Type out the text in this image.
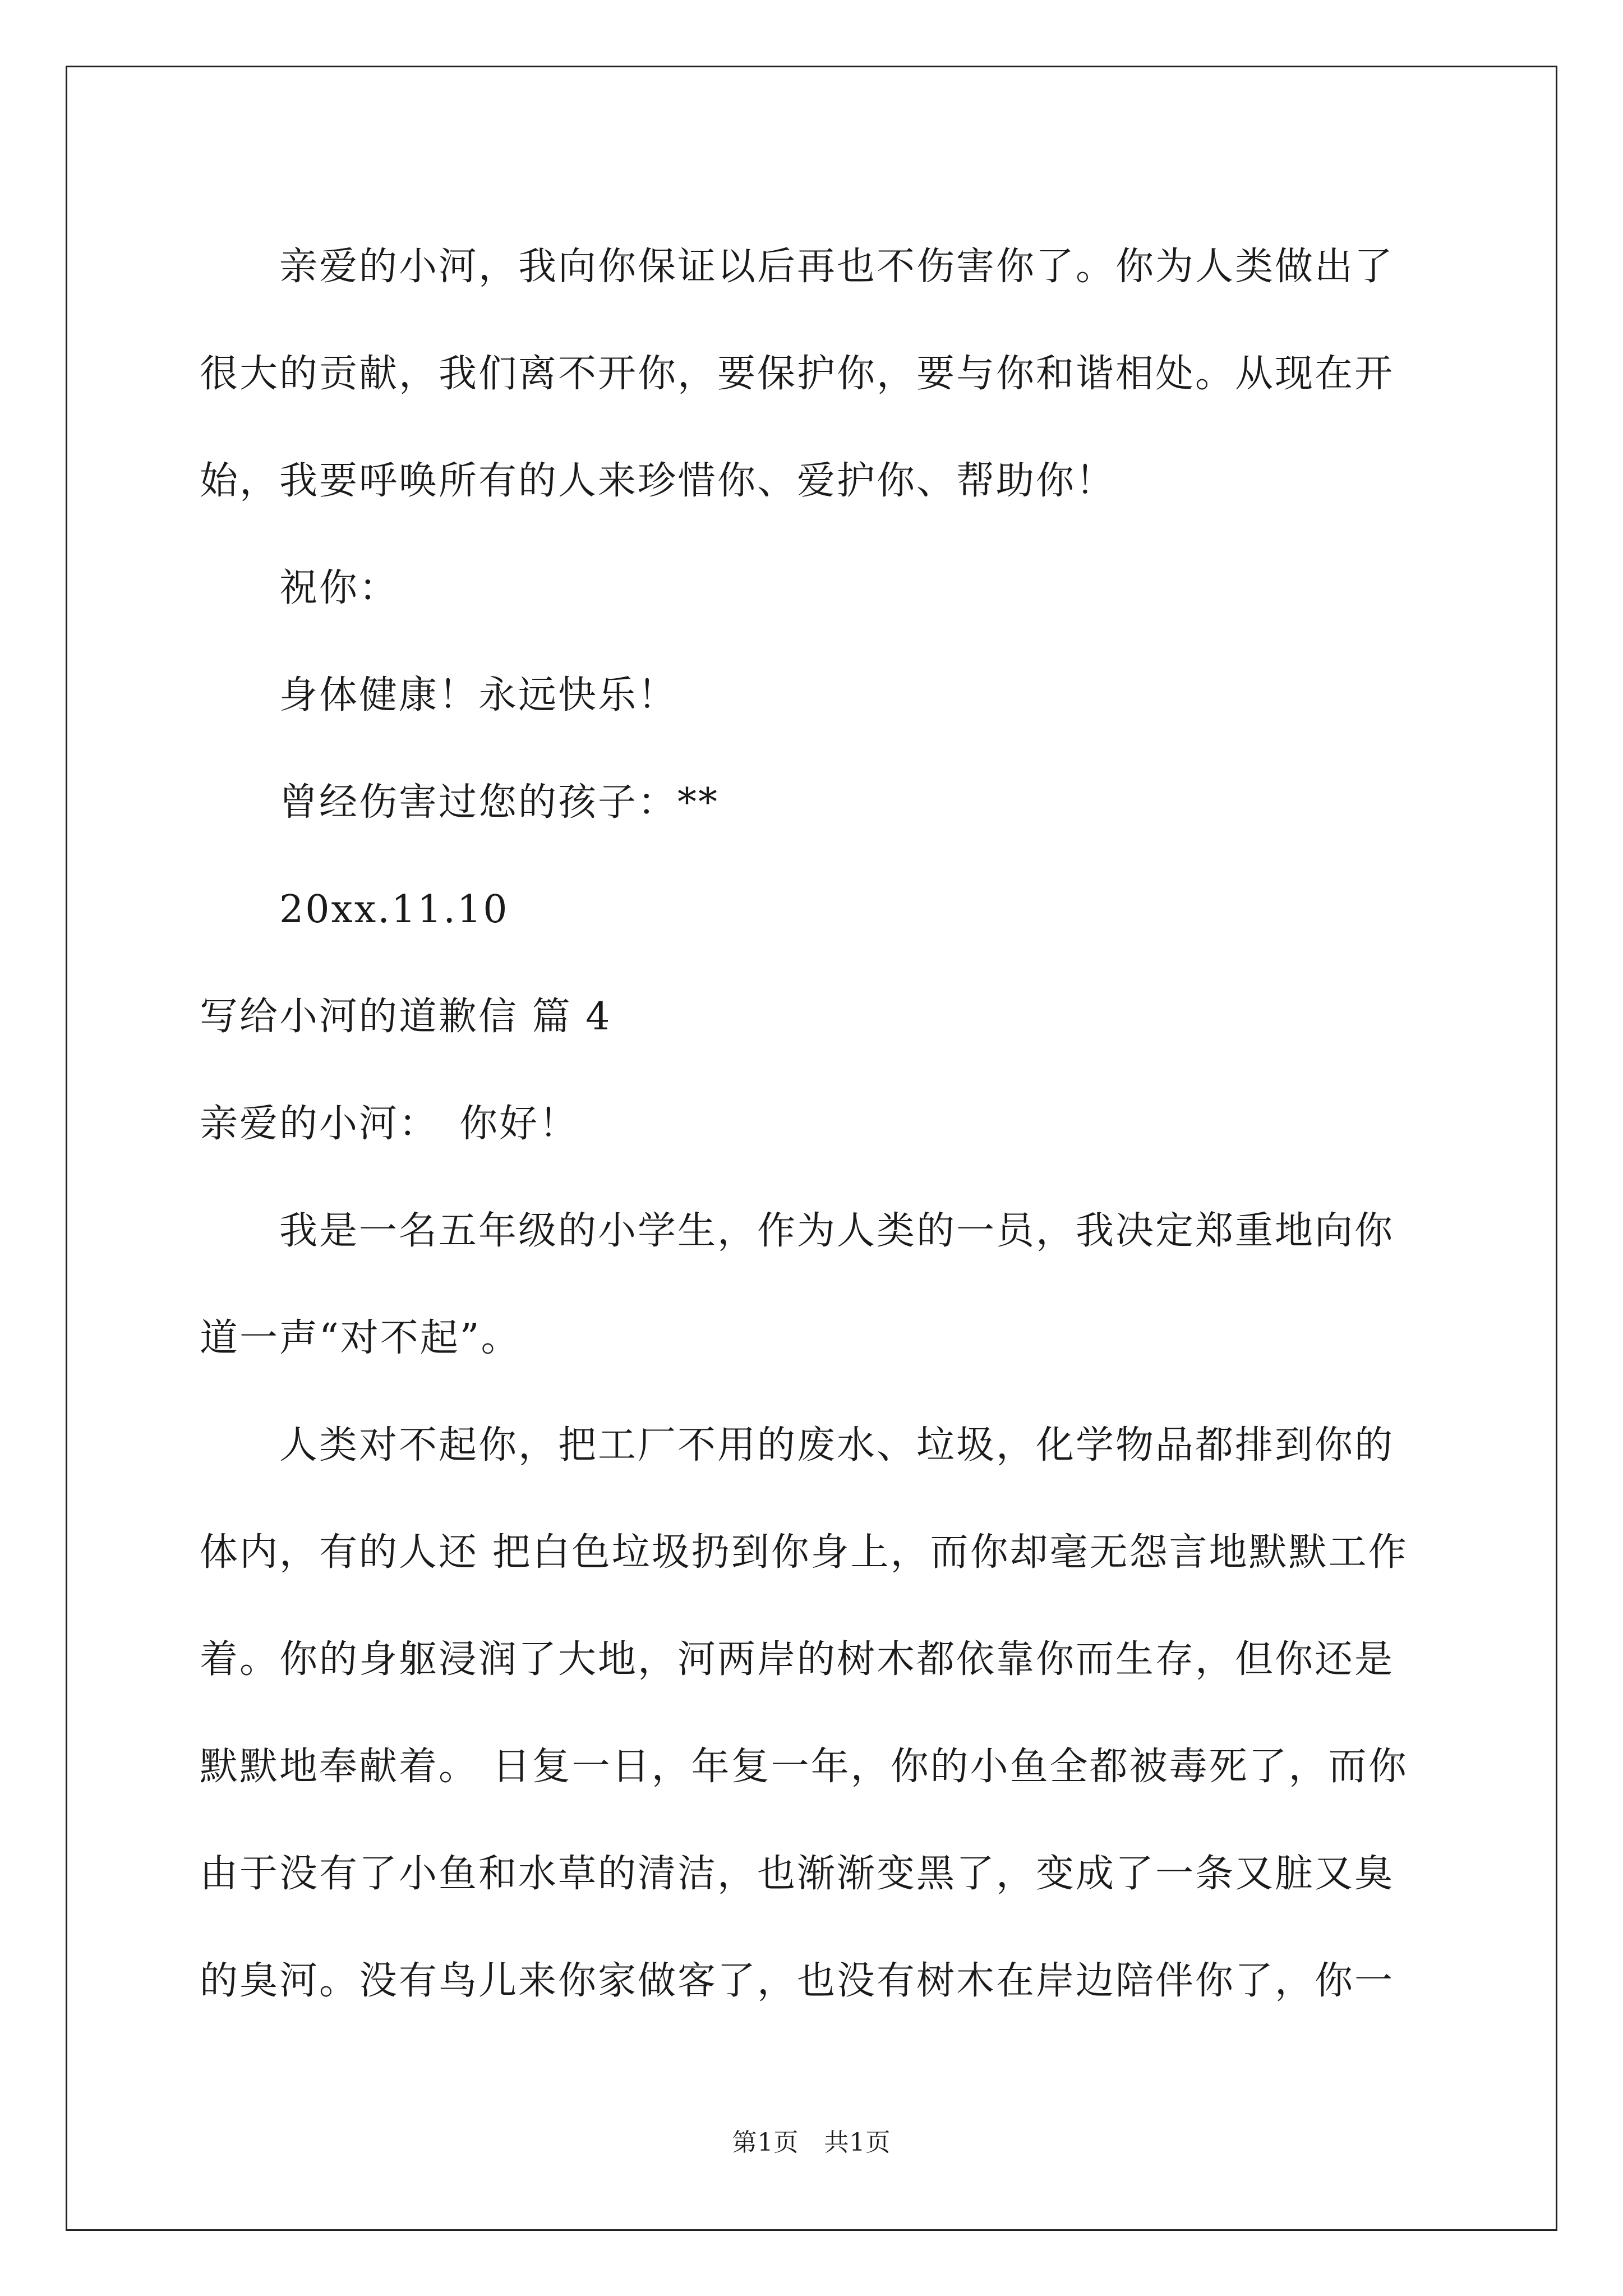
亲爱的小河，我向你保证以后再也不伤害你了。你为人类做出了很大的贡献，我们离不开你，要保护你，要与你和谐相处。从现在开始，我要呼唤所有的人来珍惜你、爱护你、帮助你！

祝你：

身体健康！永远快乐！

曾经伤害过您的孩子：**

20xx.11.10

写给小河的道歉信 篇 4

亲爱的小河：　你好！

我是一名五年级的小学生，作为人类的一员，我决定郑重地向你道一声“对不起”。

人类对不起你，把工厂不用的废水、垃圾，化学物品都排到你的体内，有的人还 把白色垃圾扔到你身上，而你却毫无怨言地默默工作着。你的身躯浸润了大地，河两岸的树木都依靠你而生存，但你还是默默地奉献着。 日复一日，年复一年，你的小鱼全都被毒死了，而你由于没有了小鱼和水草的清洁，也渐渐变黑了，变成了一条又脏又臭的臭河。没有鸟儿来你家做客了，也没有树木在岸边陪伴你了，你一

第1页　共1页
